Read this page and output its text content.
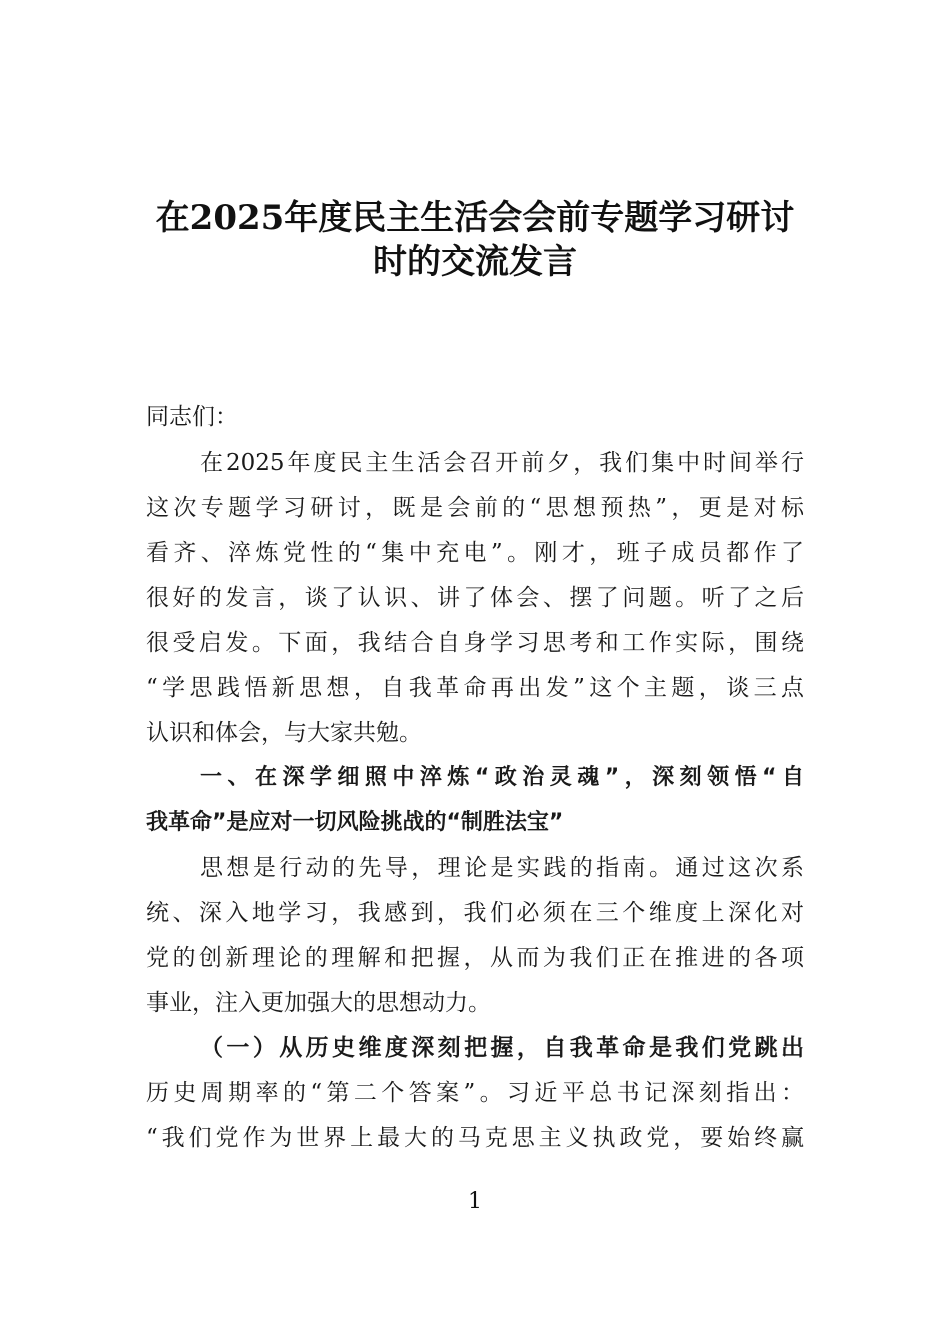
在2025年度民主生活会会前专题学习研讨
时的交流发言
同志们：
在2025年度民主生活会召开前夕，我们集中时间举行
这次专题学习研讨，既是会前的“思想预热”，更是对标
看齐、淬炼党性的“集中充电”。刚才，班子成员都作了
很好的发言，谈了认识、讲了体会、摆了问题。听了之后
很受启发。下面，我结合自身学习思考和工作实际，围绕
“学思践悟新思想，自我革命再出发”这个主题，谈三点
认识和体会，与大家共勉。
一、在深学细照中淬炼“政治灵魂”，深刻领悟“自
我革命”是应对一切风险挑战的“制胜法宝”
思想是行动的先导，理论是实践的指南。通过这次系
统、深入地学习，我感到，我们必须在三个维度上深化对
党的创新理论的理解和把握，从而为我们正在推进的各项
事业，注入更加强大的思想动力。
（一）从历史维度深刻把握，自我革命是我们党跳出
历史周期率的“第二个答案”。习近平总书记深刻指出：
“我们党作为世界上最大的马克思主义执政党，要始终赢
1
